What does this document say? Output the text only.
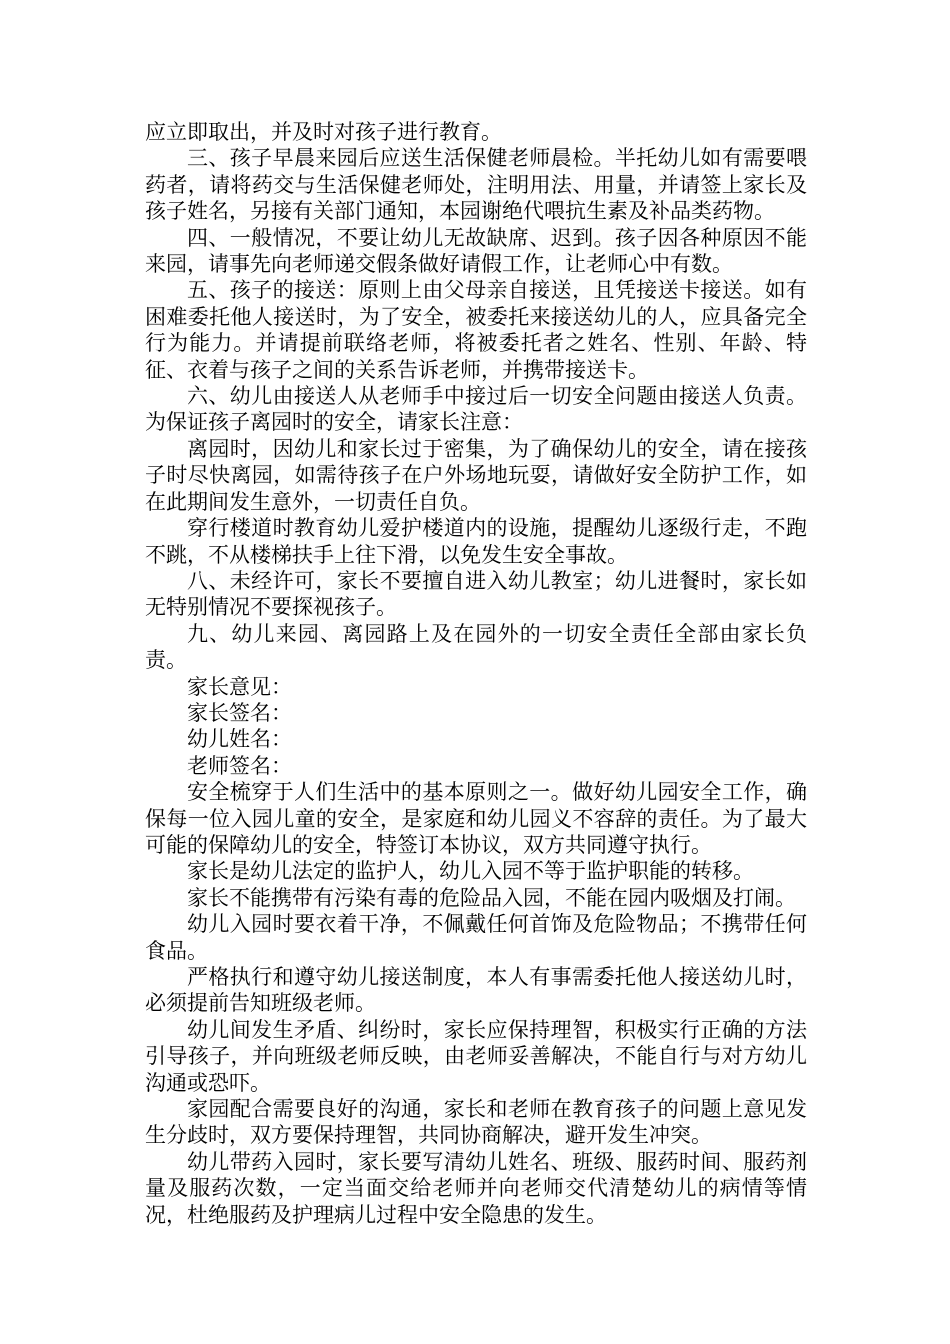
应立即取出，并及时对孩子进行教育。

三、孩子早晨来园后应送生活保健老师晨检。半托幼儿如有需要喂药者，请将药交与生活保健老师处，注明用法、用量，并请签上家长及孩子姓名，另接有关部门通知，本园谢绝代喂抗生素及补品类药物。

四、一般情况，不要让幼儿无故缺席、迟到。孩子因各种原因不能来园，请事先向老师递交假条做好请假工作，让老师心中有数。

五、孩子的接送：原则上由父母亲自接送，且凭接送卡接送。如有困难委托他人接送时，为了安全，被委托来接送幼儿的人，应具备完全行为能力。并请提前联络老师，将被委托者之姓名、性别、年龄、特征、衣着与孩子之间的关系告诉老师，并携带接送卡。

六、幼儿由接送人从老师手中接过后一切安全问题由接送人负责。为保证孩子离园时的安全，请家长注意：

离园时，因幼儿和家长过于密集，为了确保幼儿的安全，请在接孩子时尽快离园，如需待孩子在户外场地玩耍，请做好安全防护工作，如在此期间发生意外，一切责任自负。

穿行楼道时教育幼儿爱护楼道内的设施，提醒幼儿逐级行走，不跑不跳，不从楼梯扶手上往下滑，以免发生安全事故。

八、未经许可，家长不要擅自进入幼儿教室；幼儿进餐时，家长如无特别情况不要探视孩子。

九、幼儿来园、离园路上及在园外的一切安全责任全部由家长负责。

家长意见：

家长签名：

幼儿姓名：

老师签名：

安全梳穿于人们生活中的基本原则之一。做好幼儿园安全工作，确保每一位入园儿童的安全，是家庭和幼儿园义不容辞的责任。为了最大可能的保障幼儿的安全，特签订本协议，双方共同遵守执行。

家长是幼儿法定的监护人，幼儿入园不等于监护职能的转移。

家长不能携带有污染有毒的危险品入园，不能在园内吸烟及打闹。

幼儿入园时要衣着干净，不佩戴任何首饰及危险物品；不携带任何食品。

严格执行和遵守幼儿接送制度，本人有事需委托他人接送幼儿时，必须提前告知班级老师。

幼儿间发生矛盾、纠纷时，家长应保持理智，积极实行正确的方法引导孩子，并向班级老师反映，由老师妥善解决，不能自行与对方幼儿沟通或恐吓。

家园配合需要良好的沟通，家长和老师在教育孩子的问题上意见发生分歧时，双方要保持理智，共同协商解决，避开发生冲突。

幼儿带药入园时，家长要写清幼儿姓名、班级、服药时间、服药剂量及服药次数，一定当面交给老师并向老师交代清楚幼儿的病情等情况，杜绝服药及护理病儿过程中安全隐患的发生。
